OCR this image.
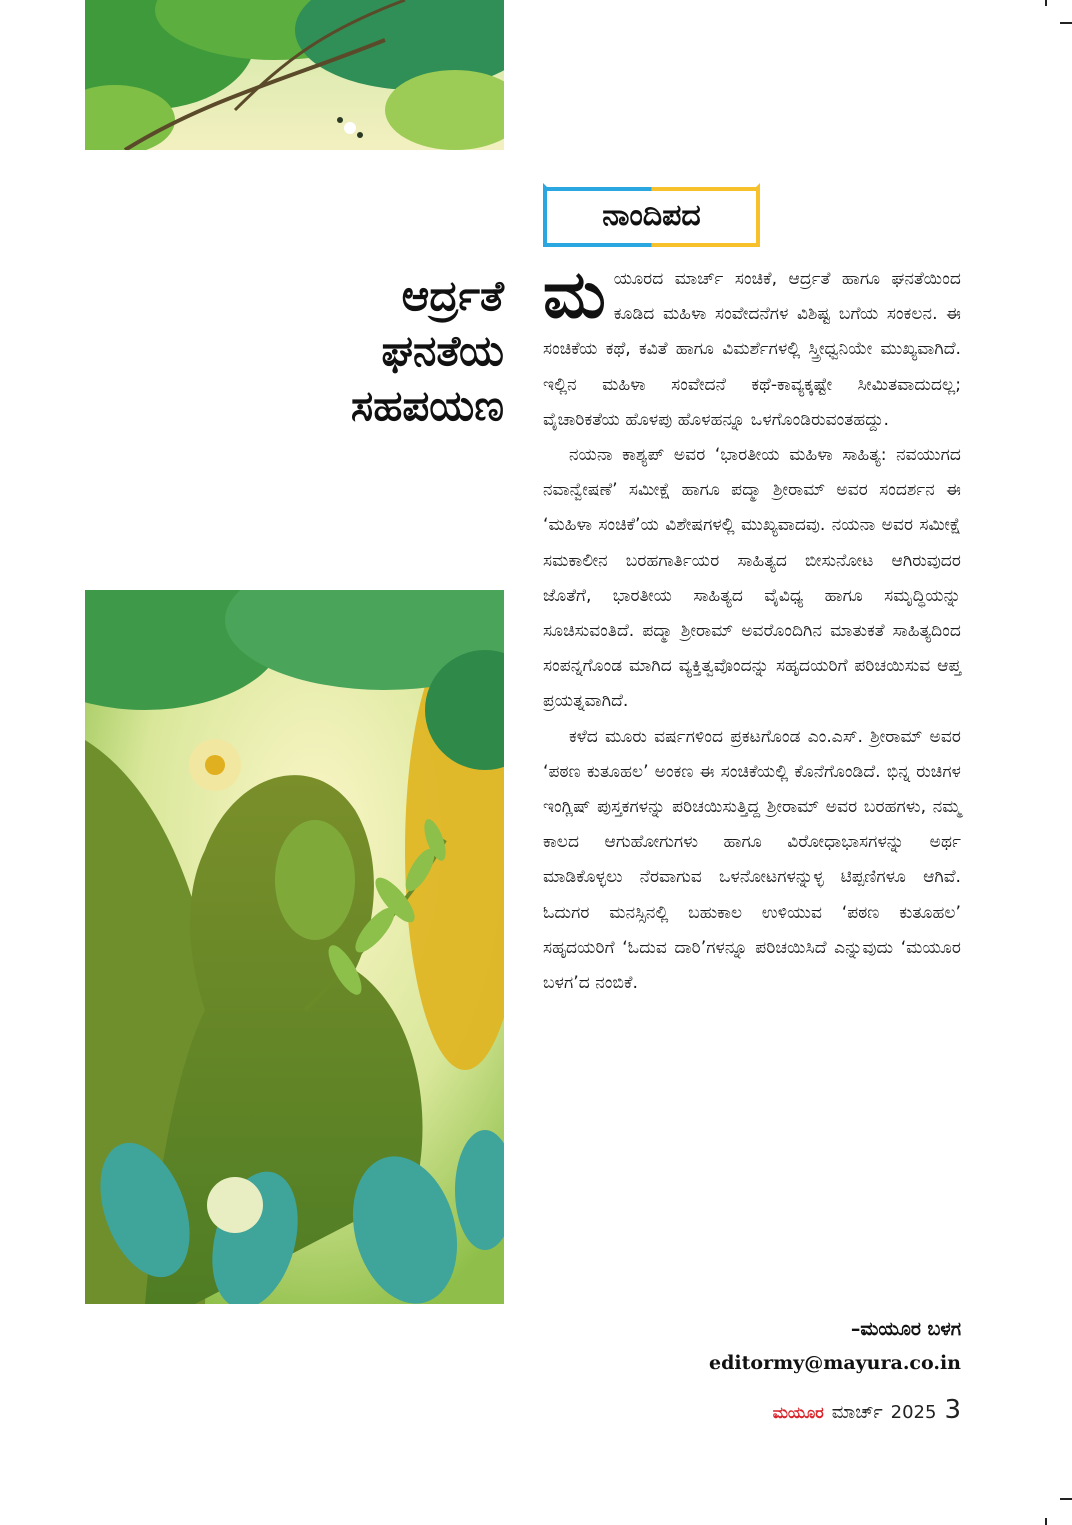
ನಾಂದಿಪದ
ಆರ್ದ್ರತೆ
ಘನತೆಯ
ಸಹಪಯಣ

ಮಯೂರದ ಮಾರ್ಚ್ ಸಂಚಿಕೆ, ಆರ್ದ್ರತೆ ಹಾಗೂ ಘನತೆಯಿಂದ ಕೂಡಿದ ಮಹಿಳಾ ಸಂವೇದನೆಗಳ ವಿಶಿಷ್ಟ ಬಗೆಯ ಸಂಕಲನ. ಈ ಸಂಚಿಕೆಯ ಕಥೆ, ಕವಿತೆ ಹಾಗೂ ವಿಮರ್ಶೆಗಳಲ್ಲಿ ಸ್ತ್ರೀಧ್ವನಿಯೇ ಮುಖ್ಯವಾಗಿದೆ. ಇಲ್ಲಿನ ಮಹಿಳಾ ಸಂವೇದನೆ ಕಥೆ-ಕಾವ್ಯಕ್ಕಷ್ಟೇ ಸೀಮಿತವಾದುದಲ್ಲ; ವೈಚಾರಿಕತೆಯ ಹೊಳಪು ಹೊಳಹನ್ನೂ ಒಳಗೊಂಡಿರುವಂತಹದ್ದು.

ನಯನಾ ಕಾಶ್ಯಪ್ ಅವರ ‘ಭಾರತೀಯ ಮಹಿಳಾ ಸಾಹಿತ್ಯ: ನವಯುಗದ ನವಾನ್ವೇಷಣೆ’ ಸಮೀಕ್ಷೆ ಹಾಗೂ ಪದ್ಮಾ ಶ್ರೀರಾಮ್ ಅವರ ಸಂದರ್ಶನ ಈ ‘ಮಹಿಳಾ ಸಂಚಿಕೆ’ಯ ವಿಶೇಷಗಳಲ್ಲಿ ಮುಖ್ಯವಾದವು. ನಯನಾ ಅವರ ಸಮೀಕ್ಷೆ ಸಮಕಾಲೀನ ಬರಹಗಾರ್ತಿಯರ ಸಾಹಿತ್ಯದ ಬೀಸುನೋಟ ಆಗಿರುವುದರ ಜೊತೆಗೆ, ಭಾರತೀಯ ಸಾಹಿತ್ಯದ ವೈವಿಧ್ಯ ಹಾಗೂ ಸಮೃದ್ಧಿಯನ್ನು ಸೂಚಿಸುವಂತಿದೆ. ಪದ್ಮಾ ಶ್ರೀರಾಮ್ ಅವರೊಂದಿಗಿನ ಮಾತುಕತೆ ಸಾಹಿತ್ಯದಿಂದ ಸಂಪನ್ನಗೊಂಡ ಮಾಗಿದ ವ್ಯಕ್ತಿತ್ವವೊಂದನ್ನು ಸಹೃದಯರಿಗೆ ಪರಿಚಯಿಸುವ ಆಪ್ತ ಪ್ರಯತ್ನವಾಗಿದೆ.

ಕಳೆದ ಮೂರು ವರ್ಷಗಳಿಂದ ಪ್ರಕಟಗೊಂಡ ಎಂ.ಎಸ್. ಶ್ರೀರಾಮ್ ಅವರ ‘ಪಠಣ ಕುತೂಹಲ’ ಅಂಕಣ ಈ ಸಂಚಿಕೆಯಲ್ಲಿ ಕೊನೆಗೊಂಡಿದೆ. ಭಿನ್ನ ರುಚಿಗಳ ಇಂಗ್ಲಿಷ್ ಪುಸ್ತಕಗಳನ್ನು ಪರಿಚಯಿಸುತ್ತಿದ್ದ ಶ್ರೀರಾಮ್ ಅವರ ಬರಹಗಳು, ನಮ್ಮ ಕಾಲದ ಆಗುಹೋಗುಗಳು ಹಾಗೂ ವಿರೋಧಾಭಾಸಗಳನ್ನು ಅರ್ಥ ಮಾಡಿಕೊಳ್ಳಲು ನೆರವಾಗುವ ಒಳನೋಟಗಳನ್ನುಳ್ಳ ಟಿಪ್ಪಣಿಗಳೂ ಆಗಿವೆ. ಓದುಗರ ಮನಸ್ಸಿನಲ್ಲಿ ಬಹುಕಾಲ ಉಳಿಯುವ ‘ಪಠಣ ಕುತೂಹಲ’ ಸಹೃದಯರಿಗೆ ‘ಓದುವ ದಾರಿ’ಗಳನ್ನೂ ಪರಿಚಯಿಸಿದೆ ಎನ್ನುವುದು ‘ಮಯೂರ ಬಳಗ’ದ ನಂಬಿಕೆ.

–ಮಯೂರ ಬಳಗ
editormy@mayura.co.in
ಮಯೂರ ಮಾರ್ಚ್ 2025 3
